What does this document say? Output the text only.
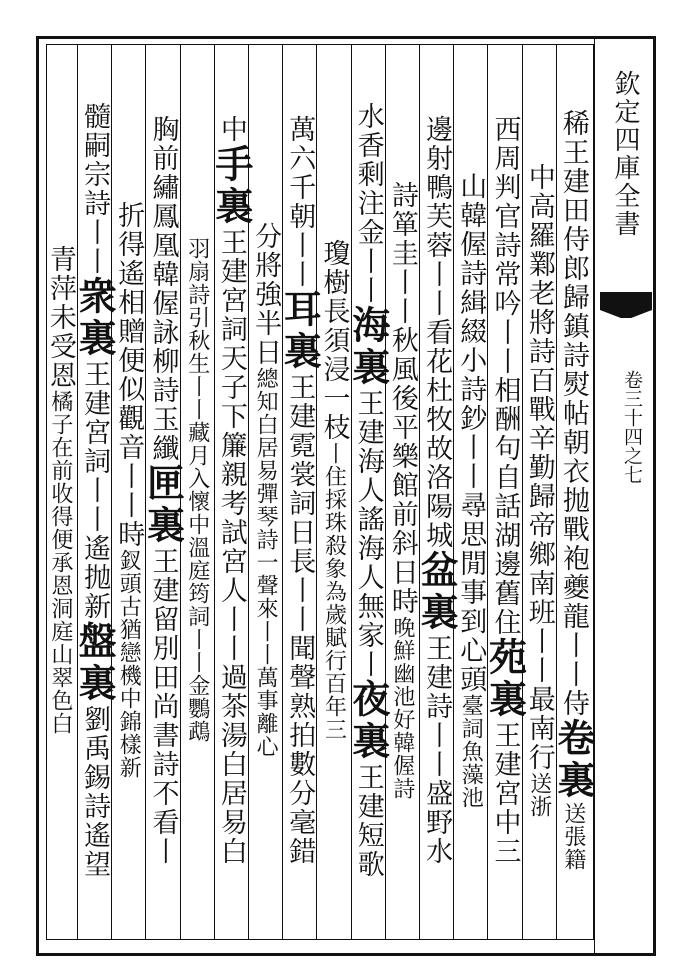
欽定四庫全書
卷三十四之七
稀王建田侍郎歸鎮詩熨帖朝衣抛戰袍夔龍丨丨侍
卷裏
送張籍
中高羅鄴老將詩百戰辛勤歸帝鄉南班丨丨最南行
送浙
西周判官詩常吟丨丨相酬句自話湖邊舊住
苑裏
王建宮中三
山韓偓詩緝綴小詩鈔丨丨尋思閒事到心頭
臺詞魚藻池
邊射鴨芙蓉丨丨看花杜牧故洛陽城
盆裏
王建詩丨丨盛野水
詩箪圭丨丨秋風後平樂館前斜日時
晚鮮幽池好韓偓詩
水香剩注金丨丨
海裏
王建海人謠海人無家丨
夜裏
王建短歌
瓊樹長須浸一枝
丨住採珠殺象為歲賦
行百年三
萬六千朝丨丨
耳裏
王建霓裳詞日長丨丨聞聲熟拍數分毫錯
分將強半日
總知白居易彈琴詩一聲來丨丨萬事離心
中
手裏
王建宮詞天子下簾親考試宮人丨丨過茶湯白居易白
羽扇詩引秋生丨丨藏月入懷中溫庭筠詞丨丨金鸚鵡
胸前繡鳳凰韓偓詠柳詩玉纖
匣裏
王建留別田尚書詩不看丨
折得遙相贈便似觀音丨丨時
釵頭古猶戀機中錦樣新
髓嗣宗詩丨丨
衆裏
王建宮詞丨丨遙抛新
盤裏
劉禹錫詩遙望
青萍未受恩
橘子在前收得便承恩
洞庭山翠色白
